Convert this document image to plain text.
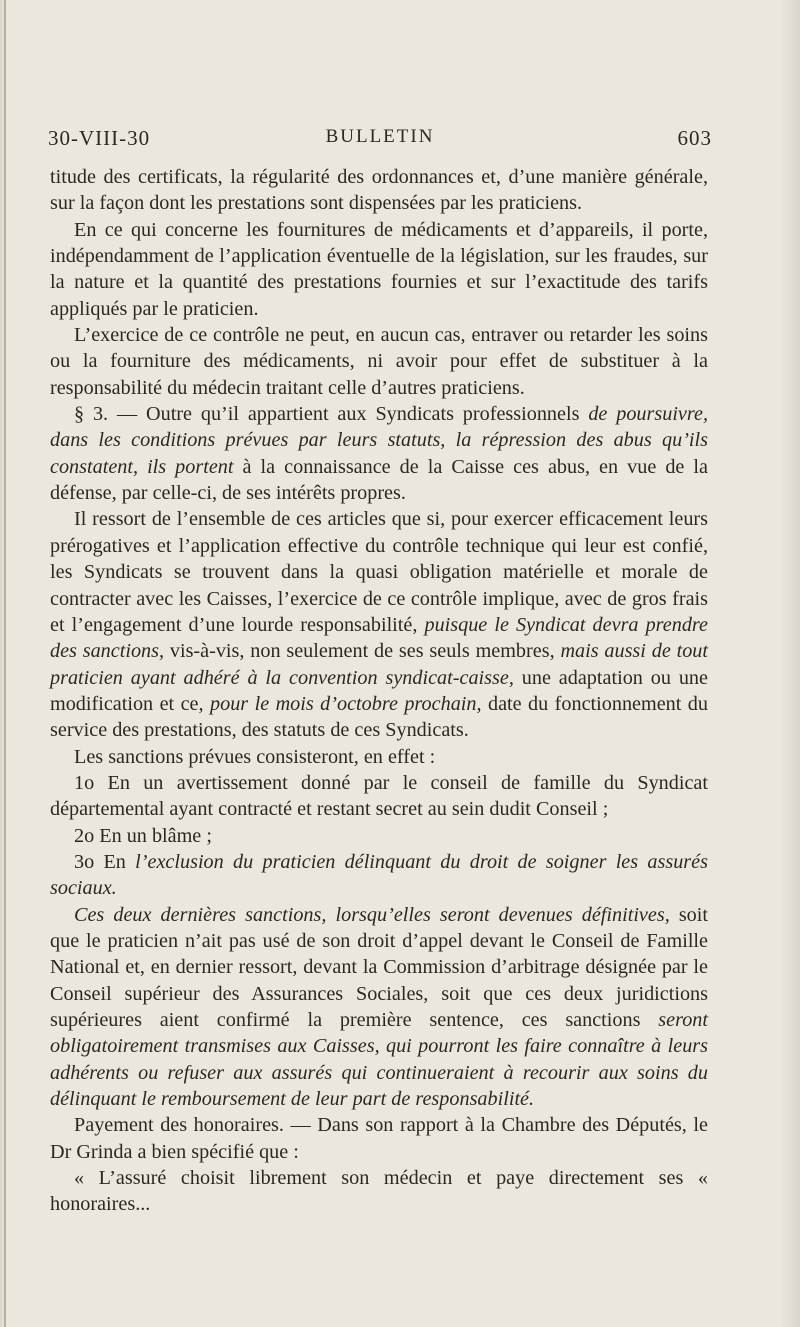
30-VIII-30	BULLETIN	603

titude des certificats, la régularité des ordonnances et, d’une manière générale, sur la façon dont les prestations sont dispensées par les praticiens.

En ce qui concerne les fournitures de médicaments et d’appareils, il porte, indépendamment de l’application éventuelle de la législation, sur les fraudes, sur la nature et la quantité des prestations fournies et sur l’exactitude des tarifs appliqués par le praticien.

L’exercice de ce contrôle ne peut, en aucun cas, entraver ou retarder les soins ou la fourniture des médicaments, ni avoir pour effet de substituer à la responsabilité du médecin traitant celle d’autres praticiens.

§ 3. — Outre qu’il appartient aux Syndicats professionnels de poursuivre, dans les conditions prévues par leurs statuts, la répression des abus qu’ils constatent, ils portent à la connaissance de la Caisse ces abus, en vue de la défense, par celle-ci, de ses intérêts propres.

Il ressort de l’ensemble de ces articles que si, pour exercer efficacement leurs prérogatives et l’application effective du contrôle technique qui leur est confié, les Syndicats se trouvent dans la quasi obligation matérielle et morale de contracter avec les Caisses, l’exercice de ce contrôle implique, avec de gros frais et l’engagement d’une lourde responsabilité, puisque le Syndicat devra prendre des sanctions, vis-à-vis, non seulement de ses seuls membres, mais aussi de tout praticien ayant adhéré à la convention syndicat-caisse, une adaptation ou une modification et ce, pour le mois d’octobre prochain, date du fonctionnement du service des prestations, des statuts de ces Syndicats.

Les sanctions prévues consisteront, en effet :

1o En un avertissement donné par le conseil de famille du Syndicat départemental ayant contracté et restant secret au sein dudit Conseil ;

2o En un blâme ;

3o En l’exclusion du praticien délinquant du droit de soigner les assurés sociaux.

Ces deux dernières sanctions, lorsqu’elles seront devenues définitives, soit que le praticien n’ait pas usé de son droit d’appel devant le Conseil de Famille National et, en dernier ressort, devant la Commission d’arbitrage désignée par le Conseil supérieur des Assurances Sociales, soit que ces deux juridictions supérieures aient confirmé la première sentence, ces sanctions seront obligatoirement transmises aux Caisses, qui pourront les faire connaître à leurs adhérents ou refuser aux assurés qui continueraient à recourir aux soins du délinquant le remboursement de leur part de responsabilité.

Payement des honoraires. — Dans son rapport à la Chambre des Députés, le Dr Grinda a bien spécifié que :

« L’assuré choisit librement son médecin et paye directement ses « honoraires...
